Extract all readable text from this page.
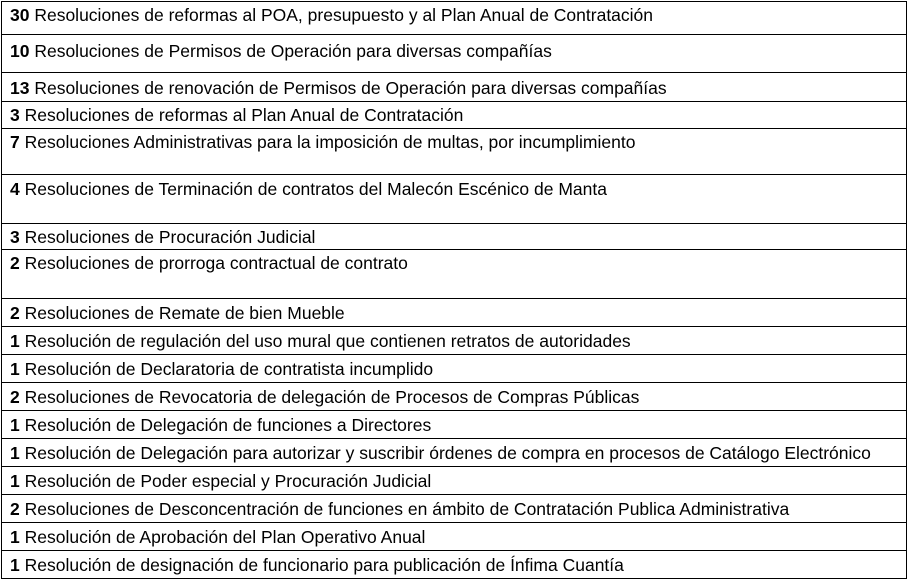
30 Resoluciones de reformas al POA, presupuesto y al Plan Anual de Contratación
10 Resoluciones de Permisos de Operación para diversas compañías
13 Resoluciones de renovación de Permisos de Operación para diversas compañías
3 Resoluciones de reformas al Plan Anual de Contratación
7 Resoluciones Administrativas para la imposición de multas, por incumplimiento
4 Resoluciones de Terminación de contratos del Malecón Escénico de Manta
3 Resoluciones de Procuración Judicial
2 Resoluciones de prorroga contractual de contrato
2 Resoluciones de Remate de bien Mueble
1 Resolución de regulación del uso mural que contienen retratos de autoridades
1 Resolución de Declaratoria de contratista incumplido
2 Resoluciones de Revocatoria de delegación de Procesos de Compras Públicas
1 Resolución de Delegación de funciones a Directores
1 Resolución de Delegación para autorizar y suscribir órdenes de compra en procesos de Catálogo Electrónico
1 Resolución de Poder especial y Procuración Judicial
2 Resoluciones de Desconcentración de funciones en ámbito de Contratación Publica Administrativa
1 Resolución de Aprobación del Plan Operativo Anual
1 Resolución de designación de funcionario para publicación de Ínfima Cuantía
